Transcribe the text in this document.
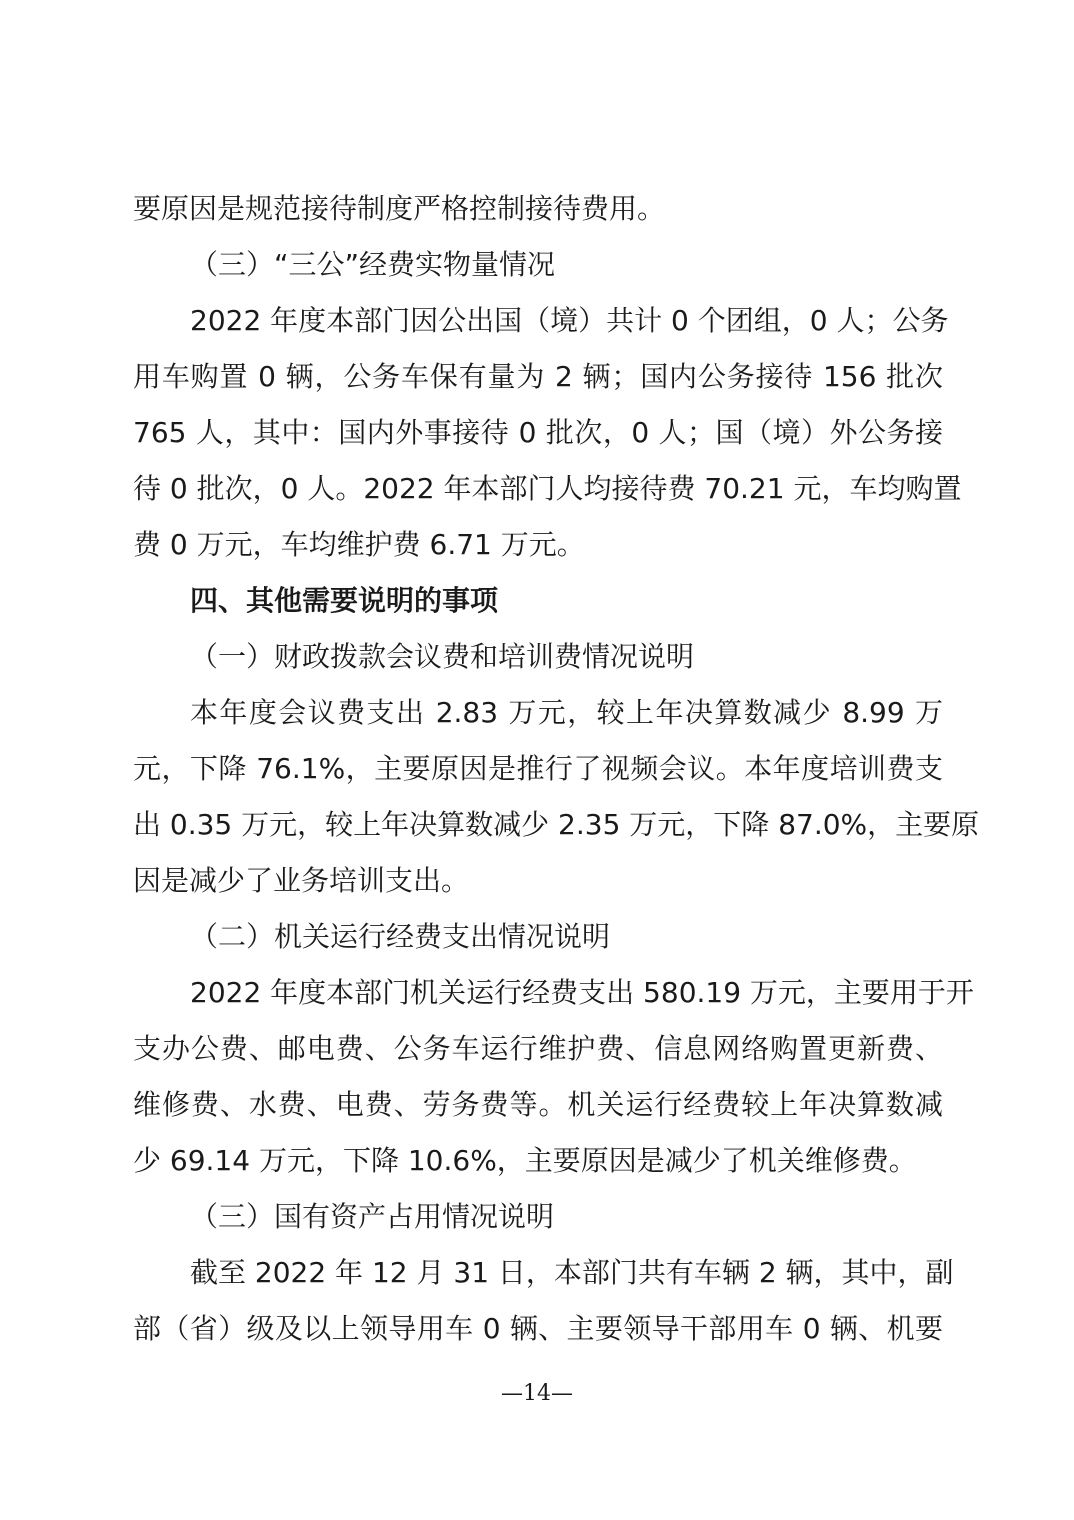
要原因是规范接待制度严格控制接待费用。

（三）“三公”经费实物量情况

2022 年度本部门因公出国（境）共计 0 个团组，0 人；公务

用车购置 0 辆，公务车保有量为 2 辆；国内公务接待 156 批次

765 人，其中：国内外事接待 0 批次，0 人；国（境）外公务接

待 0 批次，0 人。2022 年本部门人均接待费 70.21 元，车均购置

费 0 万元，车均维护费 6.71 万元。

四、其他需要说明的事项

（一）财政拨款会议费和培训费情况说明

本年度会议费支出 2.83 万元，较上年决算数减少 8.99 万

元，下降 76.1%，主要原因是推行了视频会议。本年度培训费支

出 0.35 万元，较上年决算数减少 2.35 万元，下降 87.0%，主要原

因是减少了业务培训支出。

（二）机关运行经费支出情况说明

2022 年度本部门机关运行经费支出 580.19 万元，主要用于开

支办公费、邮电费、公务车运行维护费、信息网络购置更新费、

维修费、水费、电费、劳务费等。机关运行经费较上年决算数减

少 69.14 万元，下降 10.6%，主要原因是减少了机关维修费。

（三）国有资产占用情况说明

截至 2022 年 12 月 31 日，本部门共有车辆 2 辆，其中，副

部（省）级及以上领导用车 0 辆、主要领导干部用车 0 辆、机要

—14—
